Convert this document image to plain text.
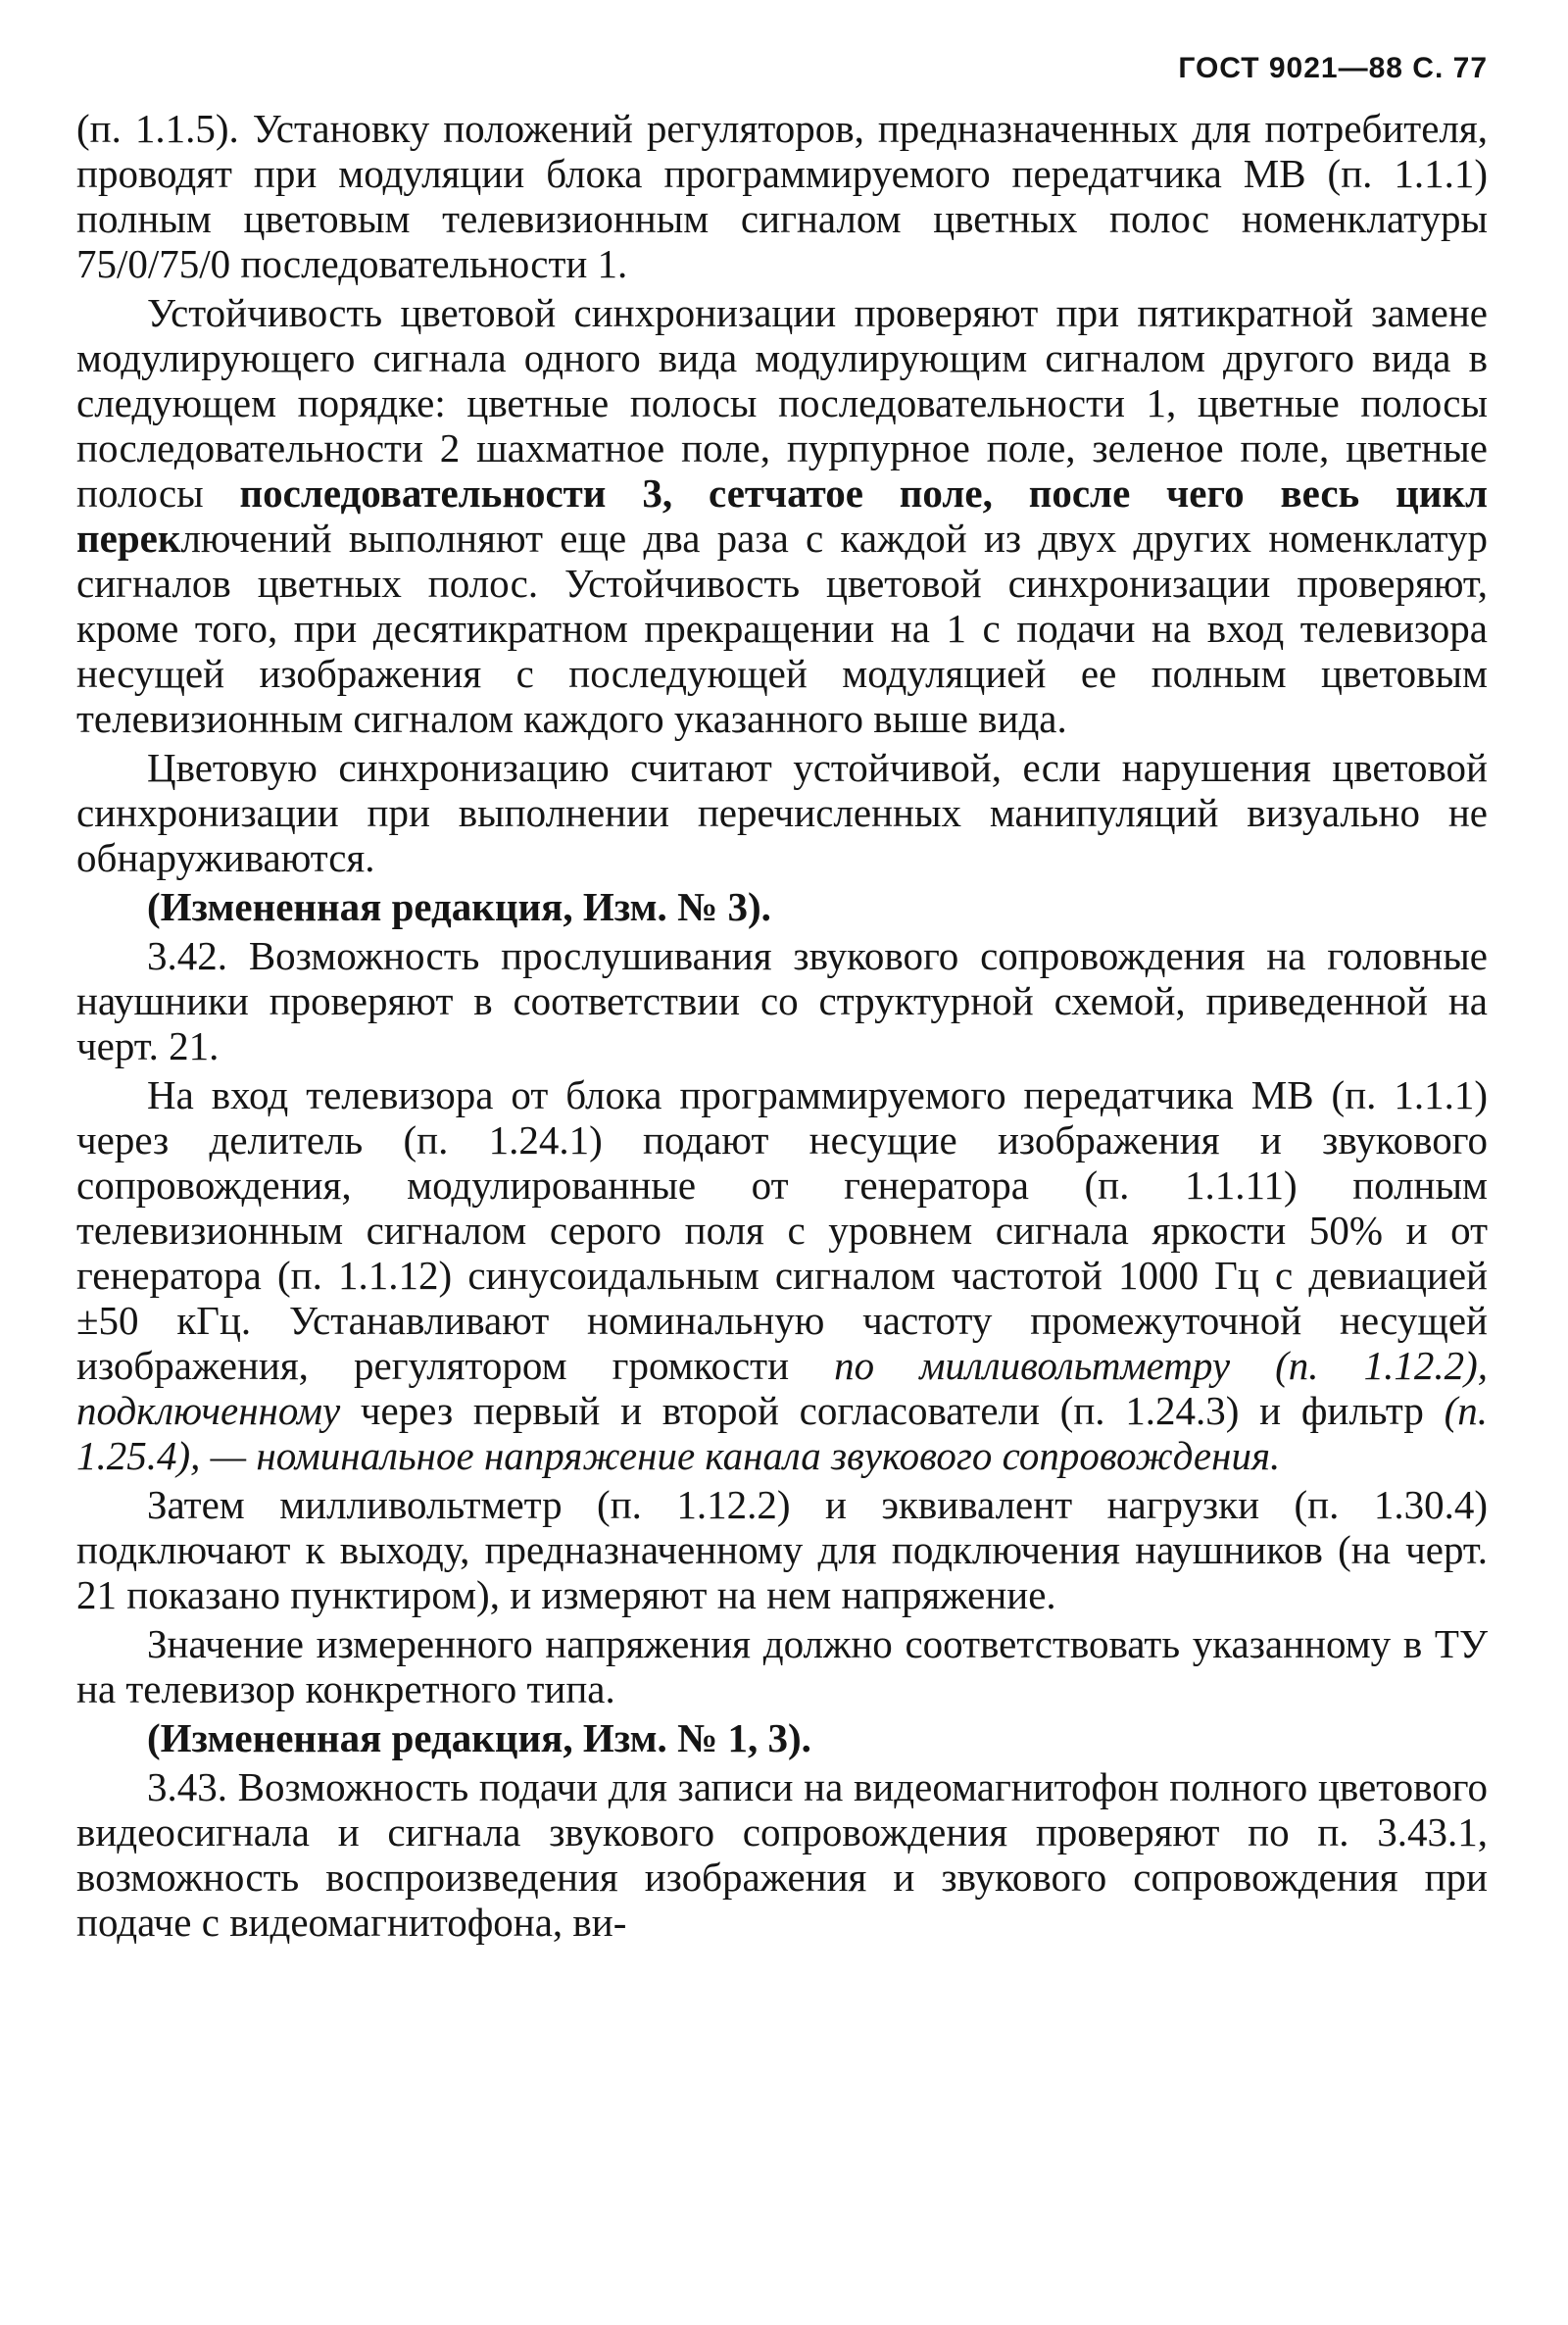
ГОСТ 9021—88 С. 77

(п. 1.1.5). Установку положений регуляторов, предназначенных для потребителя, проводят при модуляции блока программируемого передатчика МВ (п. 1.1.1) полным цветовым телевизионным сигналом цветных полос номенклатуры 75/0/75/0 последовательности 1.

Устойчивость цветовой синхронизации проверяют при пятикратной замене модулирующего сигнала одного вида модулирующим сигналом другого вида в следующем порядке: цветные полосы последовательности 1, цветные полосы последовательности 2 шахматное поле, пурпурное поле, зеленое поле, цветные полосы последовательности 3, сетчатое поле, после чего весь цикл переключений выполняют еще два раза с каждой из двух других номенклатур сигналов цветных полос. Устойчивость цветовой синхронизации проверяют, кроме того, при десятикратном прекращении на 1 с подачи на вход телевизора несущей изображения с последующей модуляцией ее полным цветовым телевизионным сигналом каждого указанного выше вида.

Цветовую синхронизацию считают устойчивой, если нарушения цветовой синхронизации при выполнении перечисленных манипуляций визуально не обнаруживаются.

(Измененная редакция, Изм. № 3).

3.42. Возможность прослушивания звукового сопровождения на головные наушники проверяют в соответствии со структурной схемой, приведенной на черт. 21.

На вход телевизора от блока программируемого передатчика МВ (п. 1.1.1) через делитель (п. 1.24.1) подают несущие изображения и звукового сопровождения, модулированные от генератора (п. 1.1.11) полным телевизионным сигналом серого поля с уровнем сигнала яркости 50% и от генератора (п. 1.1.12) синусоидальным сигналом частотой 1000 Гц с девиацией ±50 кГц. Устанавливают номинальную частоту промежуточной несущей изображения, регулятором громкости по милливольтметру (п. 1.12.2), подключенному через первый и второй согласователи (п. 1.24.3) и фильтр (п. 1.25.4), — номинальное напряжение канала звукового сопровождения.

Затем милливольтметр (п. 1.12.2) и эквивалент нагрузки (п. 1.30.4) подключают к выходу, предназначенному для подключения наушников (на черт. 21 показано пунктиром), и измеряют на нем напряжение.

Значение измеренного напряжения должно соответствовать указанному в ТУ на телевизор конкретного типа.

(Измененная редакция, Изм. № 1, 3).

3.43. Возможность подачи для записи на видеомагнитофон полного цветового видеосигнала и сигнала звукового сопровождения проверяют по п. 3.43.1, возможность воспроизведения изображения и звукового сопровождения при подаче с видеомагнитофона, ви-
